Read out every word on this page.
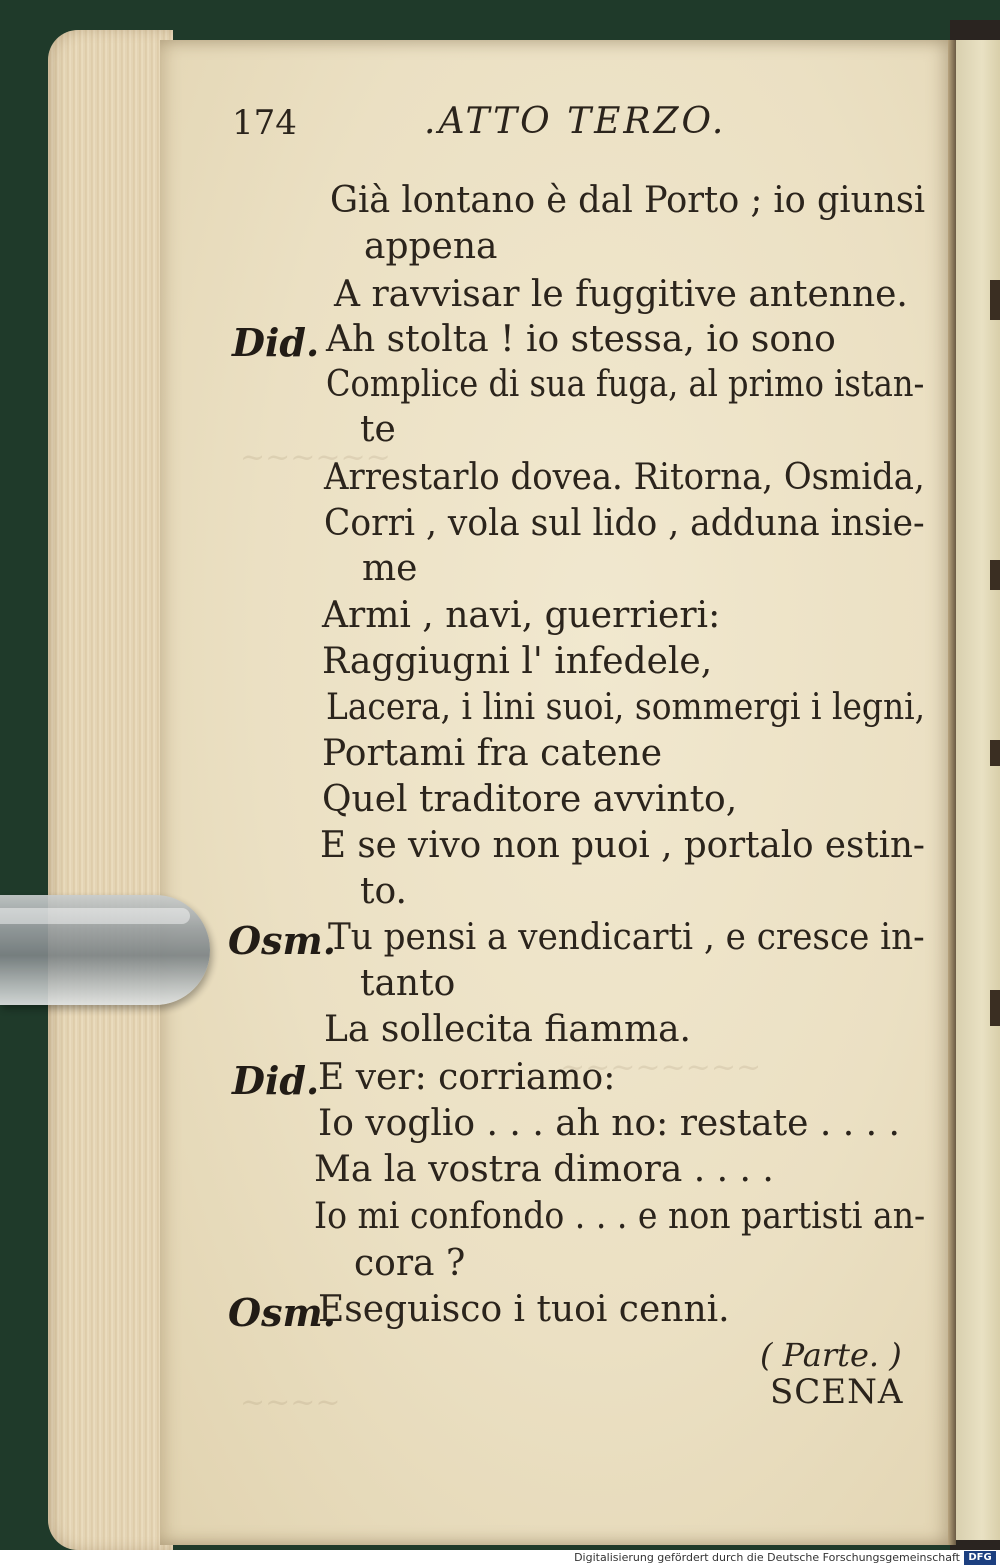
~~~~~~
~~~~~~~~
~~~~
174	.ATTO TERZO.
Già lontano è dal Porto ; io giunsi
appena
A ravvisar le fuggitive antenne.
Did. Ah stolta ! io stessa, io sono
Complice di sua fuga, al primo istan-
te
Arrestarlo dovea. Ritorna, Osmida,
Corri , vola sul lido , adduna insie-
me
Armi , navi, guerrieri:
Raggiugni l' infedele,
Lacera, i lini suoi, sommergi i legni,
Portami fra catene
Quel traditore avvinto,
E se vivo non puoi , portalo estin-
to.
Osm.
Tu pensi a vendicarti , e cresce in-
tanto
La sollecita fiamma.
Did.
E ver: corriamo:
Io voglio . . . ah no: restate . . . .
Ma la vostra dimora . . . .
Io mi confondo . . . e non partisti an-
cora ?
Osm.
Eseguisco i tuoi cenni.
( Parte. )
SCENA
Digitalisierung gefördert durch die Deutsche Forschungsgemeinschaft DFG
